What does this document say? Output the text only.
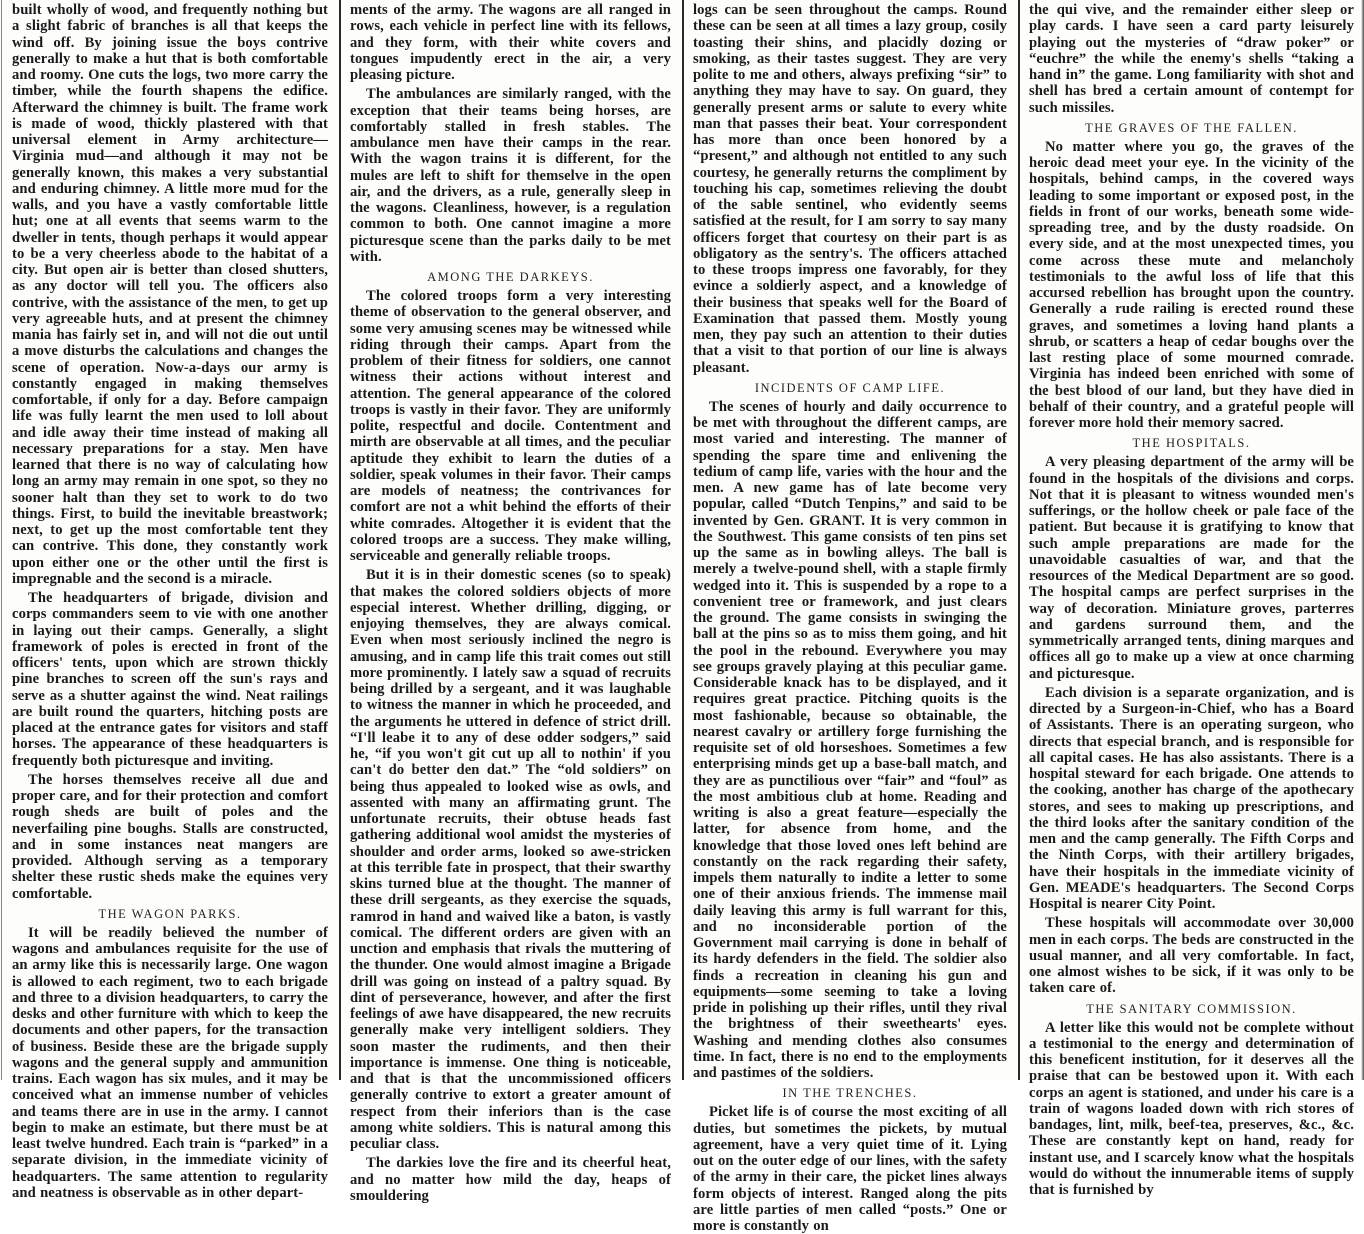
built wholly of wood, and frequently nothing but a slight fabric of branches is all that keeps the wind off. By joining issue the boys contrive generally to make a hut that is both comfortable and roomy. One cuts the logs, two more carry the timber, while the fourth shapens the edifice. Afterward the chimney is built. The frame work is made of wood, thickly plastered with that universal element in Army architecture—Virginia mud—and although it may not be generally known, this makes a very substantial and enduring chimney. A little more mud for the walls, and you have a vastly comfortable little hut; one at all events that seems warm to the dweller in tents, though perhaps it would appear to be a very cheerless abode to the habitat of a city. But open air is better than closed shutters, as any doctor will tell you. The officers also contrive, with the assistance of the men, to get up very agreeable huts, and at present the chimney mania has fairly set in, and will not die out until a move disturbs the calculations and changes the scene of operation. Now-a-days our army is constantly engaged in making themselves comfortable, if only for a day. Before campaign life was fully learnt the men used to loll about and idle away their time instead of making all necessary preparations for a stay. Men have learned that there is no way of calculating how long an army may remain in one spot, so they no sooner halt than they set to work to do two things. First, to build the inevitable breastwork; next, to get up the most comfortable tent they can contrive. This done, they constantly work upon either one or the other until the first is impregnable and the second is a miracle.

The headquarters of brigade, division and corps commanders seem to vie with one another in laying out their camps. Generally, a slight framework of poles is erected in front of the officers' tents, upon which are strown thickly pine branches to screen off the sun's rays and serve as a shutter against the wind. Neat railings are built round the quarters, hitching posts are placed at the entrance gates for visitors and staff horses. The appearance of these headquarters is frequently both picturesque and inviting.

The horses themselves receive all due and proper care, and for their protection and comfort rough sheds are built of poles and the neverfailing pine boughs. Stalls are constructed, and in some instances neat mangers are provided. Although serving as a temporary shelter these rustic sheds make the equines very comfortable.

THE WAGON PARKS.

It will be readily believed the number of wagons and ambulances requisite for the use of an army like this is necessarily large. One wagon is allowed to each regiment, two to each brigade and three to a division headquarters, to carry the desks and other furniture with which to keep the documents and other papers, for the transaction of business. Beside these are the brigade supply wagons and the general supply and ammunition trains. Each wagon has six mules, and it may be conceived what an immense number of vehicles and teams there are in use in the army. I cannot begin to make an estimate, but there must be at least twelve hundred. Each train is “parked” in a separate division, in the immediate vicinity of headquarters. The same attention to regularity and neatness is observable as in other depart-

ments of the army. The wagons are all ranged in rows, each vehicle in perfect line with its fellows, and they form, with their white covers and tongues impudently erect in the air, a very pleasing picture.

The ambulances are similarly ranged, with the exception that their teams being horses, are comfortably stalled in fresh stables. The ambulance men have their camps in the rear. With the wagon trains it is different, for the mules are left to shift for themselve in the open air, and the drivers, as a rule, generally sleep in the wagons. Cleanliness, however, is a regulation common to both. One cannot imagine a more picturesque scene than the parks daily to be met with.

AMONG THE DARKEYS.

The colored troops form a very interesting theme of observation to the general observer, and some very amusing scenes may be witnessed while riding through their camps. Apart from the problem of their fitness for soldiers, one cannot witness their actions without interest and attention. The general appearance of the colored troops is vastly in their favor. They are uniformly polite, respectful and docile. Contentment and mirth are observable at all times, and the peculiar aptitude they exhibit to learn the duties of a soldier, speak volumes in their favor. Their camps are models of neatness; the contrivances for comfort are not a whit behind the efforts of their white comrades. Altogether it is evident that the colored troops are a success. They make willing, serviceable and generally reliable troops.

But it is in their domestic scenes (so to speak) that makes the colored soldiers objects of more especial interest. Whether drilling, digging, or enjoying themselves, they are always comical. Even when most seriously inclined the negro is amusing, and in camp life this trait comes out still more prominently. I lately saw a squad of recruits being drilled by a sergeant, and it was laughable to witness the manner in which he proceeded, and the arguments he uttered in defence of strict drill. “I'll leabe it to any of dese odder sodgers,” said he, “if you won't git cut up all to nothin' if you can't do better den dat.” The “old soldiers” on being thus appealed to looked wise as owls, and assented with many an affirmating grunt. The unfortunate recruits, their obtuse heads fast gathering additional wool amidst the mysteries of shoulder and order arms, looked so awe-stricken at this terrible fate in prospect, that their swarthy skins turned blue at the thought. The manner of these drill sergeants, as they exercise the squads, ramrod in hand and waived like a baton, is vastly comical. The different orders are given with an unction and emphasis that rivals the muttering of the thunder. One would almost imagine a Brigade drill was going on instead of a paltry squad. By dint of perseverance, however, and after the first feelings of awe have disappeared, the new recruits generally make very intelligent soldiers. They soon master the rudiments, and then their importance is immense. One thing is noticeable, and that is that the uncommissioned officers generally contrive to extort a greater amount of respect from their inferiors than is the case among white soldiers. This is natural among this peculiar class.

The darkies love the fire and its cheerful heat, and no matter how mild the day, heaps of smouldering

logs can be seen throughout the camps. Round these can be seen at all times a lazy group, cosily toasting their shins, and placidly dozing or smoking, as their tastes suggest. They are very polite to me and others, always prefixing “sir” to anything they may have to say. On guard, they generally present arms or salute to every white man that passes their beat. Your correspondent has more than once been honored by a “present,” and although not entitled to any such courtesy, he generally returns the compliment by touching his cap, sometimes relieving the doubt of the sable sentinel, who evidently seems satisfied at the result, for I am sorry to say many officers forget that courtesy on their part is as obligatory as the sentry's. The officers attached to these troops impress one favorably, for they evince a soldierly aspect, and a knowledge of their business that speaks well for the Board of Examination that passed them. Mostly young men, they pay such an attention to their duties that a visit to that portion of our line is always pleasant.

INCIDENTS OF CAMP LIFE.

The scenes of hourly and daily occurrence to be met with throughout the different camps, are most varied and interesting. The manner of spending the spare time and enlivening the tedium of camp life, varies with the hour and the men. A new game has of late become very popular, called “Dutch Tenpins,” and said to be invented by Gen. GRANT. It is very common in the Southwest. This game consists of ten pins set up the same as in bowling alleys. The ball is merely a twelve-pound shell, with a staple firmly wedged into it. This is suspended by a rope to a convenient tree or framework, and just clears the ground. The game consists in swinging the ball at the pins so as to miss them going, and hit the pool in the rebound. Everywhere you may see groups gravely playing at this peculiar game. Considerable knack has to be displayed, and it requires great practice. Pitching quoits is the most fashionable, because so obtainable, the nearest cavalry or artillery forge furnishing the requisite set of old horseshoes. Sometimes a few enterprising minds get up a base-ball match, and they are as punctilious over “fair” and “foul” as the most ambitious club at home. Reading and writing is also a great feature—especially the latter, for absence from home, and the knowledge that those loved ones left behind are constantly on the rack regarding their safety, impels them naturally to indite a letter to some one of their anxious friends. The immense mail daily leaving this army is full warrant for this, and no inconsiderable portion of the Government mail carrying is done in behalf of its hardy defenders in the field. The soldier also finds a recreation in cleaning his gun and equipments—some seeming to take a loving pride in polishing up their rifles, until they rival the brightness of their sweethearts' eyes. Washing and mending clothes also consumes time. In fact, there is no end to the employments and pastimes of the soldiers.

IN THE TRENCHES.

Picket life is of course the most exciting of all duties, but sometimes the pickets, by mutual agreement, have a very quiet time of it. Lying out on the outer edge of our lines, with the safety of the army in their care, the picket lines always form objects of interest. Ranged along the pits are little parties of men called “posts.” One or more is constantly on

the qui vive, and the remainder either sleep or play cards. I have seen a card party leisurely playing out the mysteries of “draw poker” or “euchre” the while the enemy's shells “taking a hand in” the game. Long familiarity with shot and shell has bred a certain amount of contempt for such missiles.

THE GRAVES OF THE FALLEN.

No matter where you go, the graves of the heroic dead meet your eye. In the vicinity of the hospitals, behind camps, in the covered ways leading to some important or exposed post, in the fields in front of our works, beneath some wide-spreading tree, and by the dusty roadside. On every side, and at the most unexpected times, you come across these mute and melancholy testimonials to the awful loss of life that this accursed rebellion has brought upon the country. Generally a rude railing is erected round these graves, and sometimes a loving hand plants a shrub, or scatters a heap of cedar boughs over the last resting place of some mourned comrade. Virginia has indeed been enriched with some of the best blood of our land, but they have died in behalf of their country, and a grateful people will forever more hold their memory sacred.

THE HOSPITALS.

A very pleasing department of the army will be found in the hospitals of the divisions and corps. Not that it is pleasant to witness wounded men's sufferings, or the hollow cheek or pale face of the patient. But because it is gratifying to know that such ample preparations are made for the unavoidable casualties of war, and that the resources of the Medical Department are so good. The hospital camps are perfect surprises in the way of decoration. Miniature groves, parterres and gardens surround them, and the symmetrically arranged tents, dining marques and offices all go to make up a view at once charming and picturesque.

Each division is a separate organization, and is directed by a Surgeon-in-Chief, who has a Board of Assistants. There is an operating surgeon, who directs that especial branch, and is responsible for all capital cases. He has also assistants. There is a hospital steward for each brigade. One attends to the cooking, another has charge of the apothecary stores, and sees to making up prescriptions, and the third looks after the sanitary condition of the men and the camp generally. The Fifth Corps and the Ninth Corps, with their artillery brigades, have their hospitals in the immediate vicinity of Gen. MEADE's headquarters. The Second Corps Hospital is nearer City Point.

These hospitals will accommodate over 30,000 men in each corps. The beds are constructed in the usual manner, and all very comfortable. In fact, one almost wishes to be sick, if it was only to be taken care of.

THE SANITARY COMMISSION.

A letter like this would not be complete without a testimonial to the energy and determination of this beneficent institution, for it deserves all the praise that can be bestowed upon it. With each corps an agent is stationed, and under his care is a train of wagons loaded down with rich stores of bandages, lint, milk, beef-tea, preserves, &c., &c. These are constantly kept on hand, ready for instant use, and I scarcely know what the hospitals would do without the innumerable items of supply that is furnished by
